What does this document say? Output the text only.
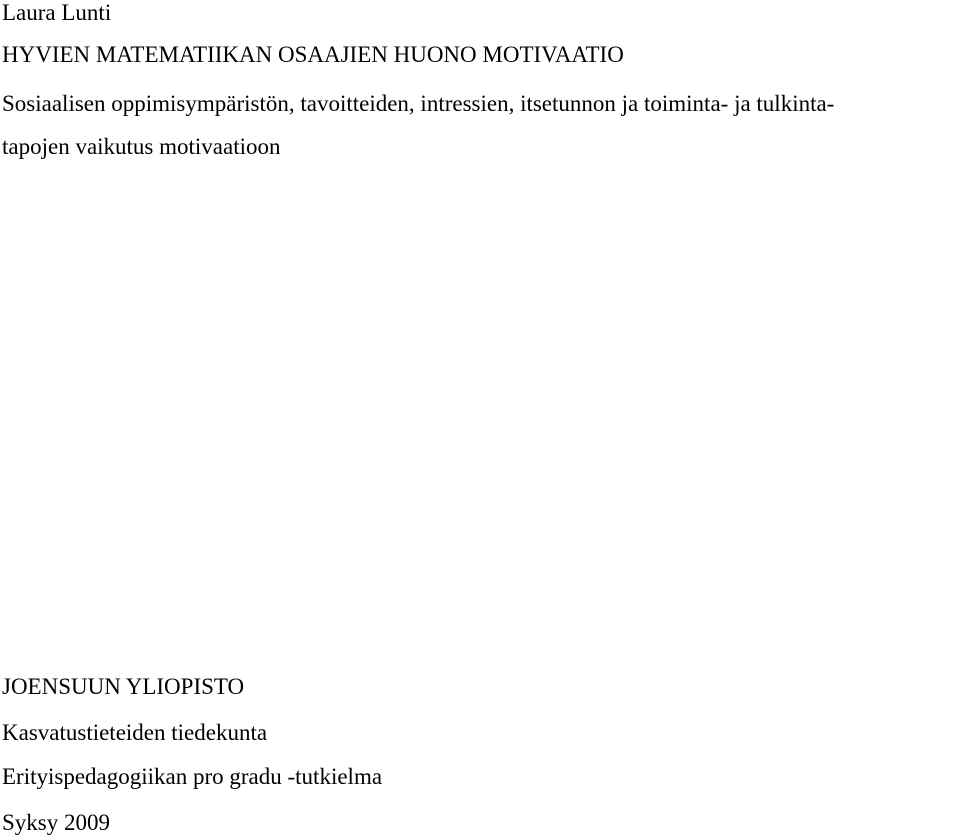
Laura Lunti
HYVIEN MATEMATIIKAN OSAAJIEN HUONO MOTIVAATIO
Sosiaalisen oppimisympäristön, tavoitteiden, intressien, itsetunnon ja toiminta- ja tulkinta-
tapojen vaikutus motivaatioon
JOENSUUN YLIOPISTO
Kasvatustieteiden tiedekunta
Erityispedagogiikan pro gradu -tutkielma
Syksy 2009
